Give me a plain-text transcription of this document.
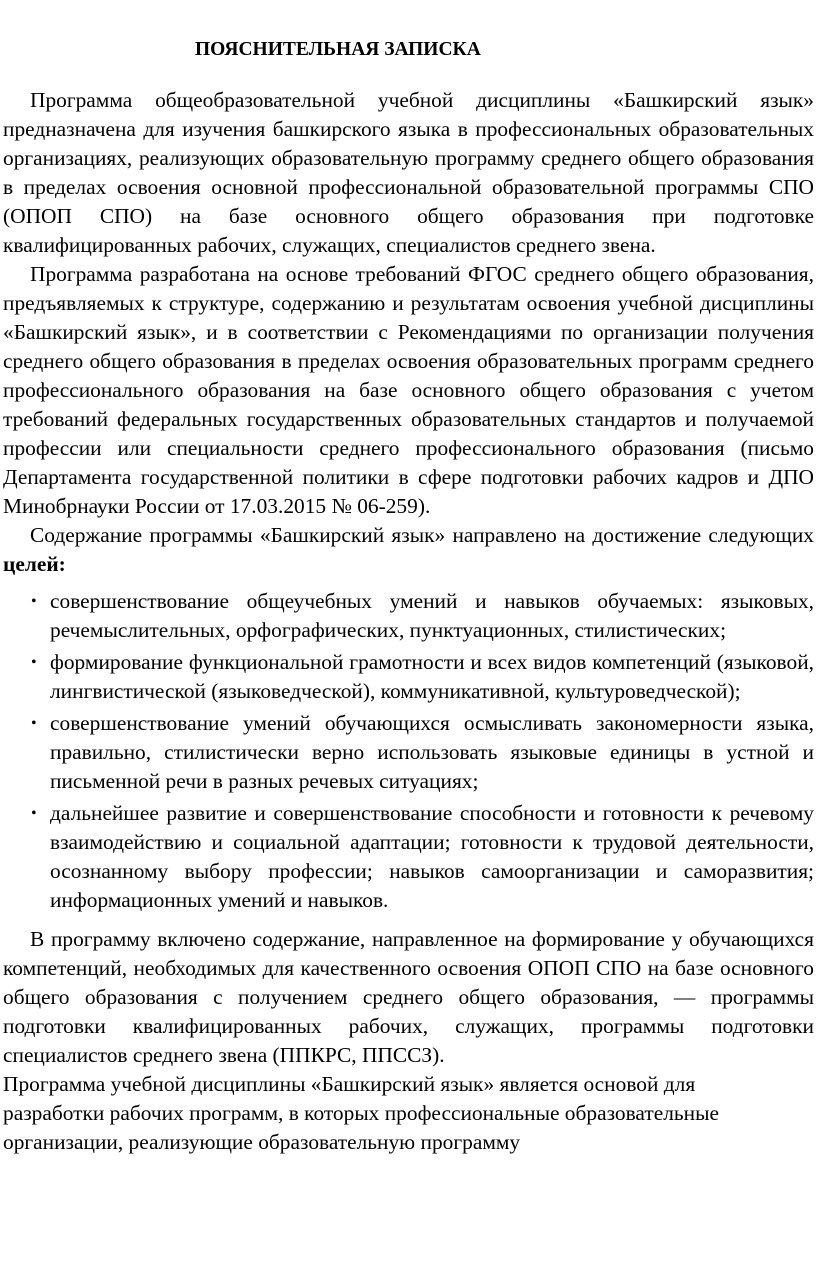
ПОЯСНИТЕЛЬНАЯ ЗАПИСКА

Программа общеобразовательной учебной дисциплины «Башкирский язык» предназначена для изучения башкирского языка в профессиональных образовательных организациях, реализующих образовательную программу среднего общего образования в пределах освоения основной профессиональной образовательной программы СПО (ОПОП СПО) на базе основного общего образования при подготовке квалифицированных рабочих, служащих, специалистов среднего звена.

Программа разработана на основе требований ФГОС среднего общего образования, предъявляемых к структуре, содержанию и результатам освоения учебной дисциплины «Башкирский язык», и в соответствии с Рекомендациями по организации получения среднего общего образования в пределах освоения образовательных программ среднего профессионального образования на базе основного общего образования с учетом требований федеральных государственных образовательных стандартов и получаемой профессии или специальности среднего профессионального образования (письмо Департамента государственной политики в сфере подготовки рабочих кадров и ДПО Минобрнауки России от 17.03.2015 № 06-259).

Содержание программы «Башкирский язык» направлено на достижение следующих целей:

• совершенствование общеучебных умений и навыков обучаемых: языковых, речемыслительных, орфографических, пунктуационных, стилистических;
• формирование функциональной грамотности и всех видов компетенций (языковой, лингвистической (языковедческой), коммуникативной, культуроведческой);
• совершенствование умений обучающихся осмысливать закономерности языка, правильно, стилистически верно использовать языковые единицы в устной и письменной речи в разных речевых ситуациях;
• дальнейшее развитие и совершенствование способности и готовности к речевому взаимодействию и социальной адаптации; готовности к трудовой деятельности, осознанному выбору профессии; навыков самоорганизации и саморазвития; информационных умений и навыков.

В программу включено содержание, направленное на формирование у обучающихся компетенций, необходимых для качественного освоения ОПОП СПО на базе основного общего образования с получением среднего общего образования, — программы подготовки квалифицированных рабочих, служащих, программы подготовки специалистов среднего звена (ППКРС, ППССЗ).

Программа учебной дисциплины «Башкирский язык» является основой для разработки рабочих программ, в которых профессиональные образовательные организации, реализующие образовательную программу
